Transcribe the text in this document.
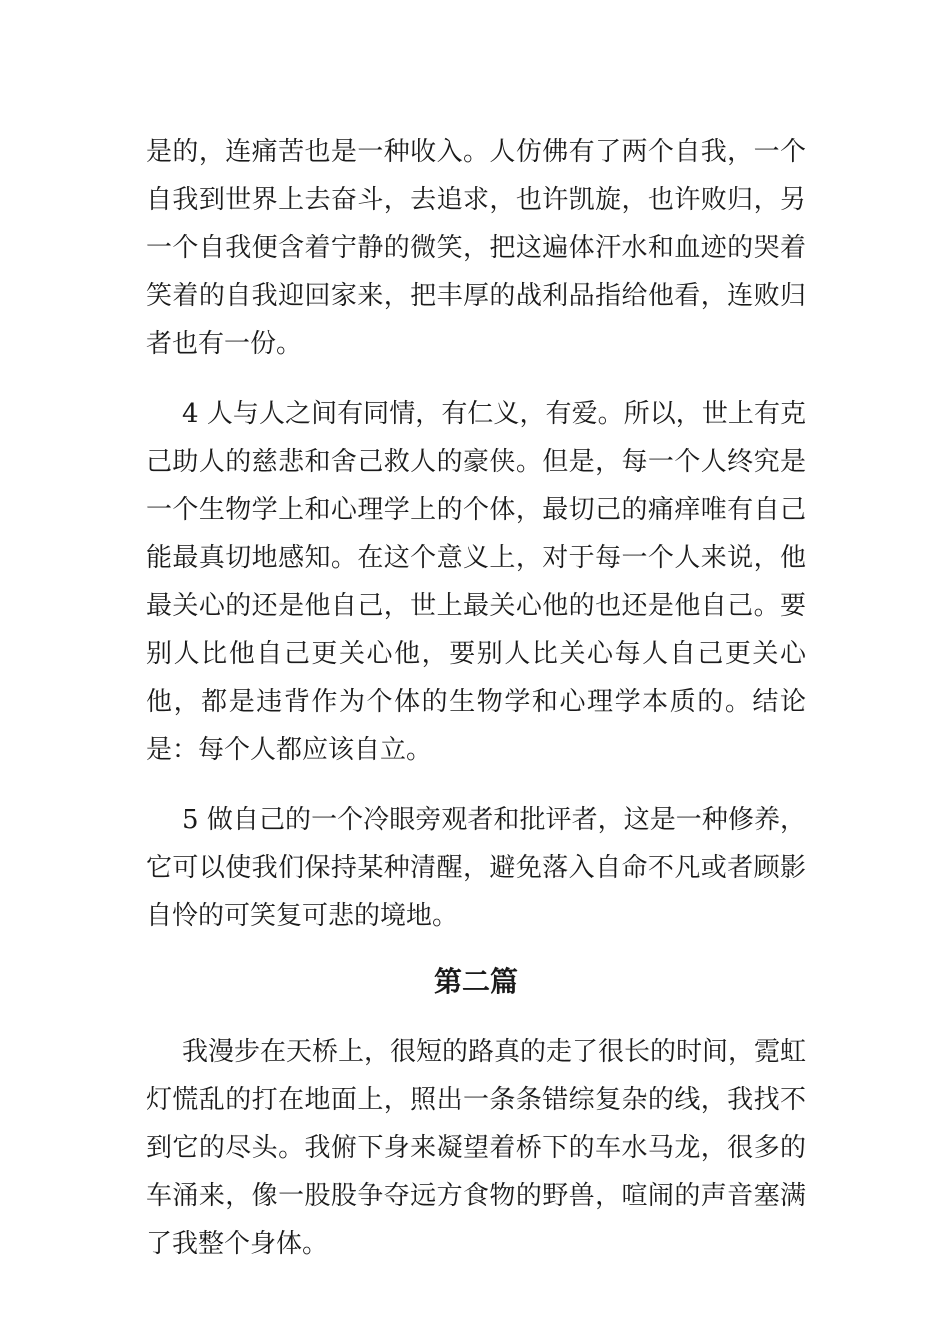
是的，连痛苦也是一种收入。人仿佛有了两个自我，一个自我到世界上去奋斗，去追求，也许凯旋，也许败归，另一个自我便含着宁静的微笑，把这遍体汗水和血迹的哭着笑着的自我迎回家来，把丰厚的战利品指给他看，连败归者也有一份。

4 人与人之间有同情，有仁义，有爱。所以，世上有克己助人的慈悲和舍己救人的豪侠。但是，每一个人终究是一个生物学上和心理学上的个体，最切己的痛痒唯有自己能最真切地感知。在这个意义上，对于每一个人来说，他最关心的还是他自己，世上最关心他的也还是他自己。要别人比他自己更关心他，要别人比关心每人自己更关心他，都是违背作为个体的生物学和心理学本质的。结论是：每个人都应该自立。

5 做自己的一个冷眼旁观者和批评者，这是一种修养，它可以使我们保持某种清醒，避免落入自命不凡或者顾影自怜的可笑复可悲的境地。

第二篇

我漫步在天桥上，很短的路真的走了很长的时间，霓虹灯慌乱的打在地面上，照出一条条错综复杂的线，我找不到它的尽头。我俯下身来凝望着桥下的车水马龙，很多的车涌来，像一股股争夺远方食物的野兽，喧闹的声音塞满了我整个身体。
